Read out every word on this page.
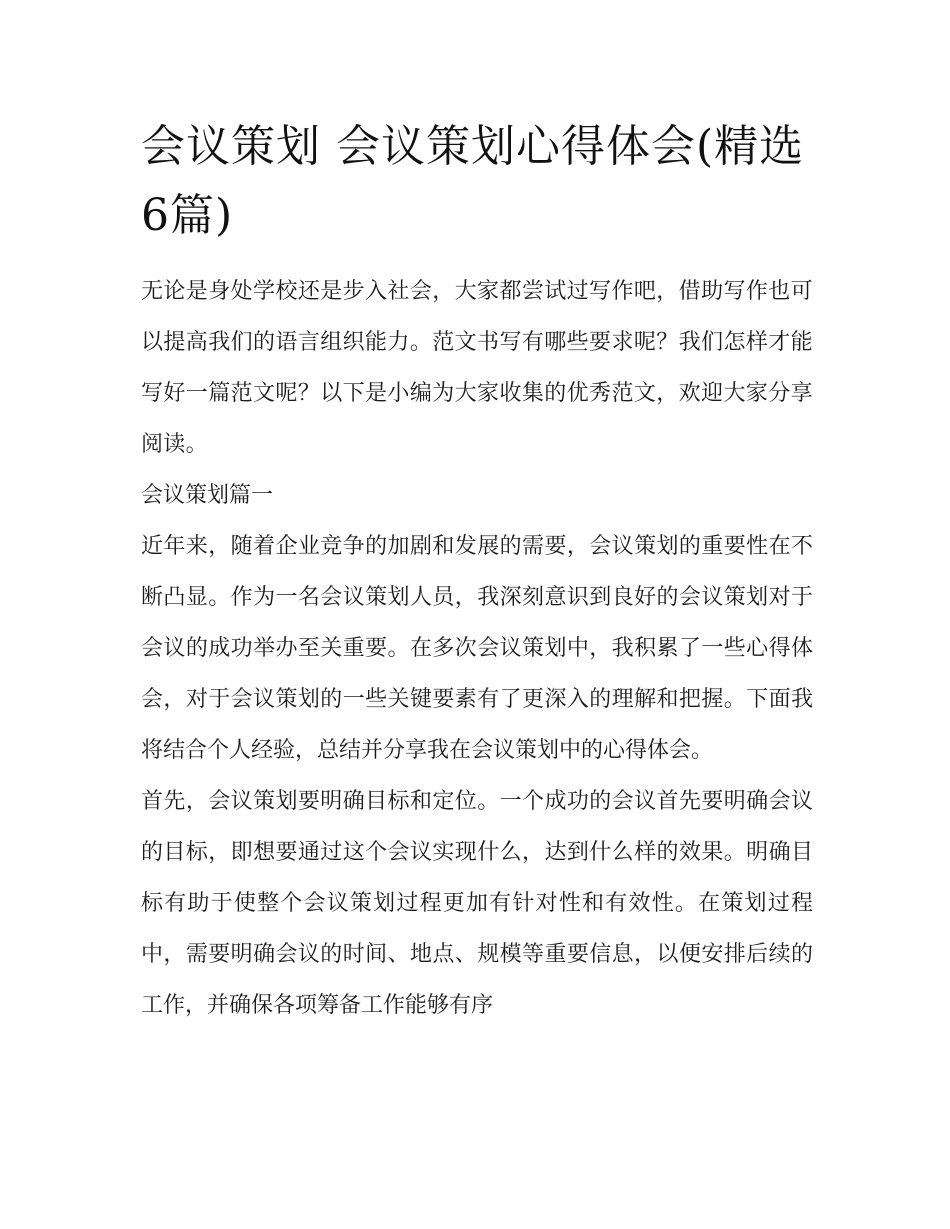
会议策划 会议策划心得体会(精选6篇)

无论是身处学校还是步入社会，大家都尝试过写作吧，借助写作也可以提高我们的语言组织能力。范文书写有哪些要求呢？我们怎样才能写好一篇范文呢？以下是小编为大家收集的优秀范文，欢迎大家分享阅读。

会议策划篇一

近年来，随着企业竞争的加剧和发展的需要，会议策划的重要性在不断凸显。作为一名会议策划人员，我深刻意识到良好的会议策划对于会议的成功举办至关重要。在多次会议策划中，我积累了一些心得体会，对于会议策划的一些关键要素有了更深入的理解和把握。下面我将结合个人经验，总结并分享我在会议策划中的心得体会。

首先，会议策划要明确目标和定位。一个成功的会议首先要明确会议的目标，即想要通过这个会议实现什么，达到什么样的效果。明确目标有助于使整个会议策划过程更加有针对性和有效性。在策划过程中，需要明确会议的时间、地点、规模等重要信息，以便安排后续的工作，并确保各项筹备工作能够有序
